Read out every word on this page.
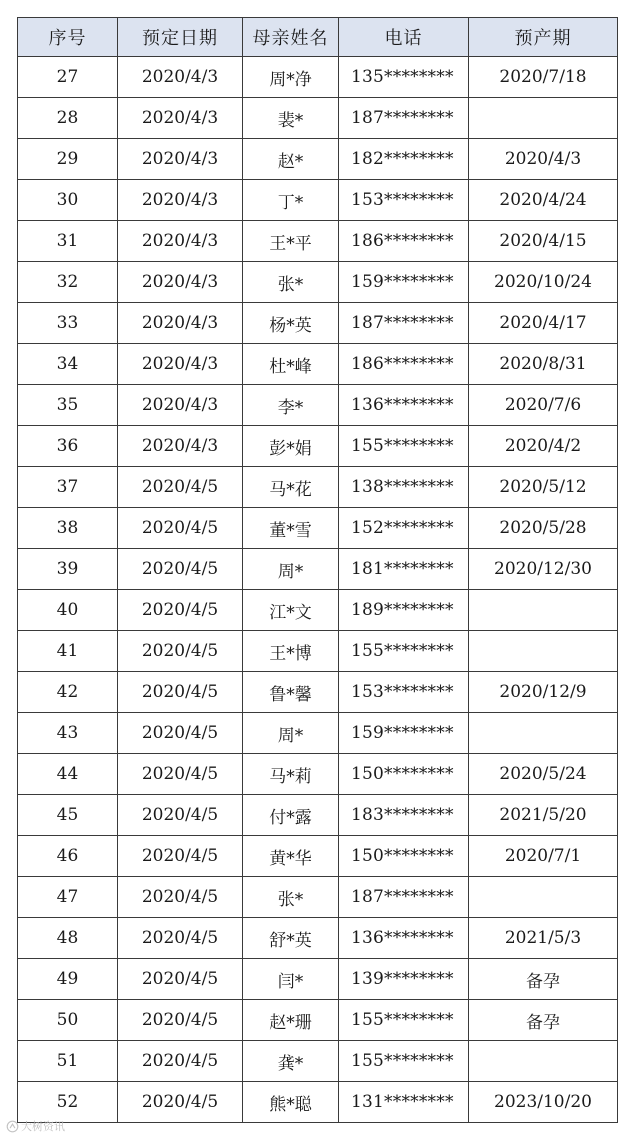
序号	预定日期	母亲姓名	电话	预产期
27	2020/4/3	周*净	135********	2020/7/18
28	2020/4/3	裴*	187********	
29	2020/4/3	赵*	182********	2020/4/3
30	2020/4/3	丁*	153********	2020/4/24
31	2020/4/3	王*平	186********	2020/4/15
32	2020/4/3	张*	159********	2020/10/24
33	2020/4/3	杨*英	187********	2020/4/17
34	2020/4/3	杜*峰	186********	2020/8/31
35	2020/4/3	李*	136********	2020/7/6
36	2020/4/3	彭*娟	155********	2020/4/2
37	2020/4/5	马*花	138********	2020/5/12
38	2020/4/5	董*雪	152********	2020/5/28
39	2020/4/5	周*	181********	2020/12/30
40	2020/4/5	江*文	189********	
41	2020/4/5	王*博	155********	
42	2020/4/5	鲁*馨	153********	2020/12/9
43	2020/4/5	周*	159********	
44	2020/4/5	马*莉	150********	2020/5/24
45	2020/4/5	付*露	183********	2021/5/20
46	2020/4/5	黄*华	150********	2020/7/1
47	2020/4/5	张*	187********	
48	2020/4/5	舒*英	136********	2021/5/3
49	2020/4/5	闫*	139********	备孕
50	2020/4/5	赵*珊	155********	备孕
51	2020/4/5	龚*	155********	
52	2020/4/5	熊*聪	131********	2023/10/20
大树资讯
